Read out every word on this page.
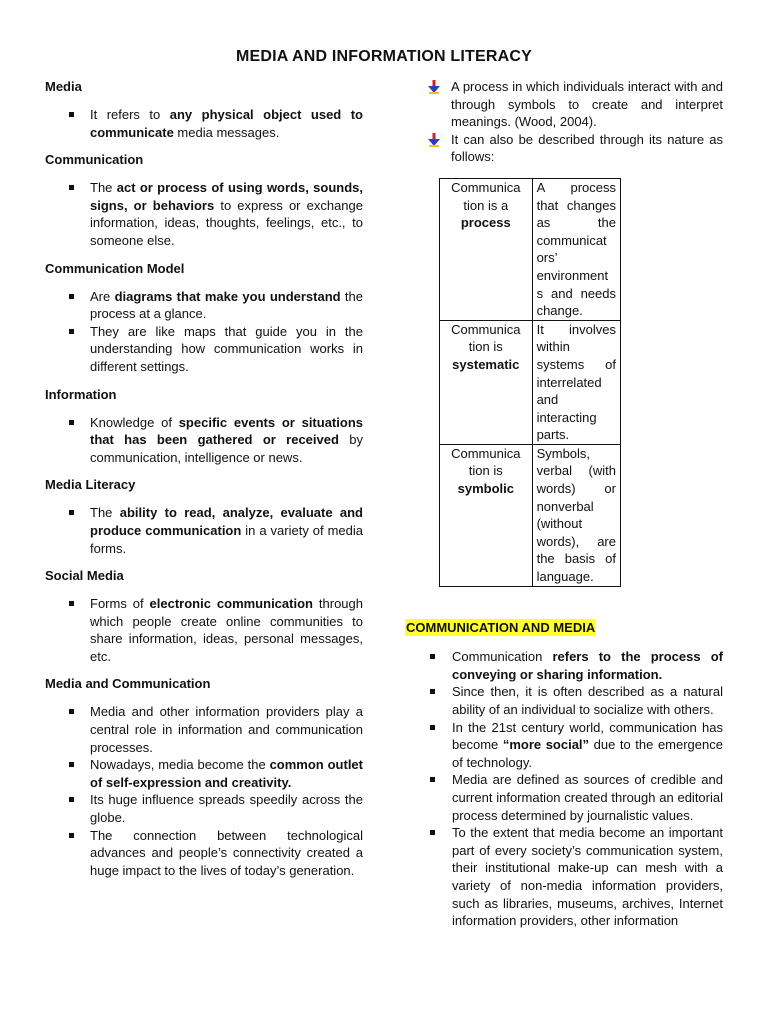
MEDIA AND INFORMATION LITERACY
Media
It refers to any physical object used to communicate media messages.
Communication
The act or process of using words, sounds, signs, or behaviors to express or exchange information, ideas, thoughts, feelings, etc., to someone else.
Communication Model
Are diagrams that make you understand the process at a glance.
They are like maps that guide you in the understanding how communication works in different settings.
Information
Knowledge of specific events or situations that has been gathered or received by communication, intelligence or news.
Media Literacy
The ability to read, analyze, evaluate and produce communication in a variety of media forms.
Social Media
Forms of electronic communication through which people create online communities to share information, ideas, personal messages, etc.
Media and Communication
Media and other information providers play a central role in information and communication processes.
Nowadays, media become the common outlet of self-expression and creativity.
Its huge influence spreads speedily across the globe.
The connection between technological advances and people’s connectivity created a huge impact to the lives of today’s generation.
A process in which individuals interact with and through symbols to create and interpret meanings. (Wood, 2004).
It can also be described through its nature as follows:
Communica tion is a process	A process that changes as the communicat ors’ environment s and needs change.
Communica tion is systematic	It involves within systems of interrelated and interacting parts.
Communica tion is symbolic	Symbols, verbal (with words) or nonverbal (without words), are the basis of language.
COMMUNICATION AND MEDIA
Communication refers to the process of conveying or sharing information.
Since then, it is often described as a natural ability of an individual to socialize with others.
In the 21st century world, communication has become “more social” due to the emergence of technology.
Media are defined as sources of credible and current information created through an editorial process determined by journalistic values.
To the extent that media become an important part of every society’s communication system, their institutional make-up can mesh with a variety of non-media information providers, such as libraries, museums, archives, Internet information providers, other information
